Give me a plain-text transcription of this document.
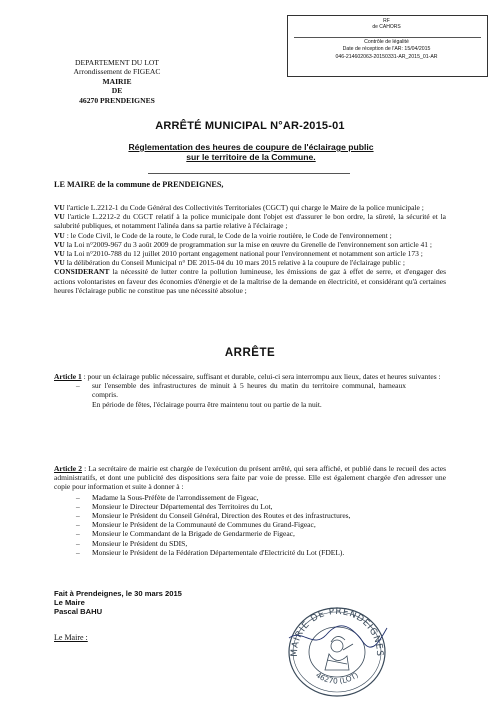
RF
de CAHORS
Contrôle de légalité
Date de réception de l'AR: 15/04/2015
046-214602063-20150331-AR_2015_01-AR
DEPARTEMENT DU LOT
Arrondissement de FIGEAC
MAIRIE
DE
46270 PRENDEIGNES
ARRÊTÉ MUNICIPAL N°AR-2015-01
Réglementation des heures de coupure de l'éclairage public
sur le territoire de la Commune.
LE MAIRE de la commune de PRENDEIGNES,

VU l'article L.2212-1 du Code Général des Collectivités Territoriales (CGCT) qui charge le Maire de la police municipale ;

VU l'article L.2212-2 du CGCT relatif à la police municipale dont l'objet est d'assurer le bon ordre, la sûreté, la sécurité et la salubrité publiques, et notamment l'alinéa dans sa partie relative à l'éclairage ;

VU : le Code Civil, le Code de la route, le Code rural, le Code de la voirie routière, le Code de l'environnement ;

VU la Loi n°2009-967 du 3 août 2009 de programmation sur la mise en œuvre du Grenelle de l'environnement son article 41 ;

VU la Loi n°2010-788 du 12 juillet 2010 portant engagement national pour l'environnement et notamment son article 173 ;

VU la délibération du Conseil Municipal n° DE 2015-04 du 10 mars 2015 relative à la coupure de l'éclairage public ;

CONSIDERANT la nécessité de lutter contre la pollution lumineuse, les émissions de gaz à effet de serre, et d'engager des actions volontaristes en faveur des économies d'énergie et de la maîtrise de la demande en électricité, et considérant qu'à certaines heures l'éclairage public ne constitue pas une nécessité absolue ;

ARRÊTE

Article 1 : pour un éclairage public nécessaire, suffisant et durable, celui-ci sera interrompu aux lieux, dates et heures suivantes :

– sur l'ensemble des infrastructures de minuit à 5 heures du matin du territoire communal, hameaux compris.

En période de fêtes, l'éclairage pourra être maintenu tout ou partie de la nuit.

Article 2 : La secrétaire de mairie est chargée de l'exécution du présent arrêté, qui sera affiché, et publié dans le recueil des actes administratifs, et dont une publicité des dispositions sera faite par voie de presse. Elle est également chargée d'en adresser une copie pour information et suite à donner à :

– Madame la Sous-Préfète de l'arrondissement de Figeac,
– Monsieur le Directeur Départemental des Territoires du Lot,
– Monsieur le Président du Conseil Général, Direction des Routes et des infrastructures,
– Monsieur le Président de la Communauté de Communes du Grand-Figeac,
– Monsieur le Commandant de la Brigade de Gendarmerie de Figeac,
– Monsieur le Président du SDIS,
– Monsieur le Président de la Fédération Départementale d'Electricité du Lot (FDEL).
Fait à Prendeignes, le 30 mars 2015
Le Maire
Pascal BAHU
Le Maire :
MAIRIE DE PRENDEIGNES
46270 (LOT)
